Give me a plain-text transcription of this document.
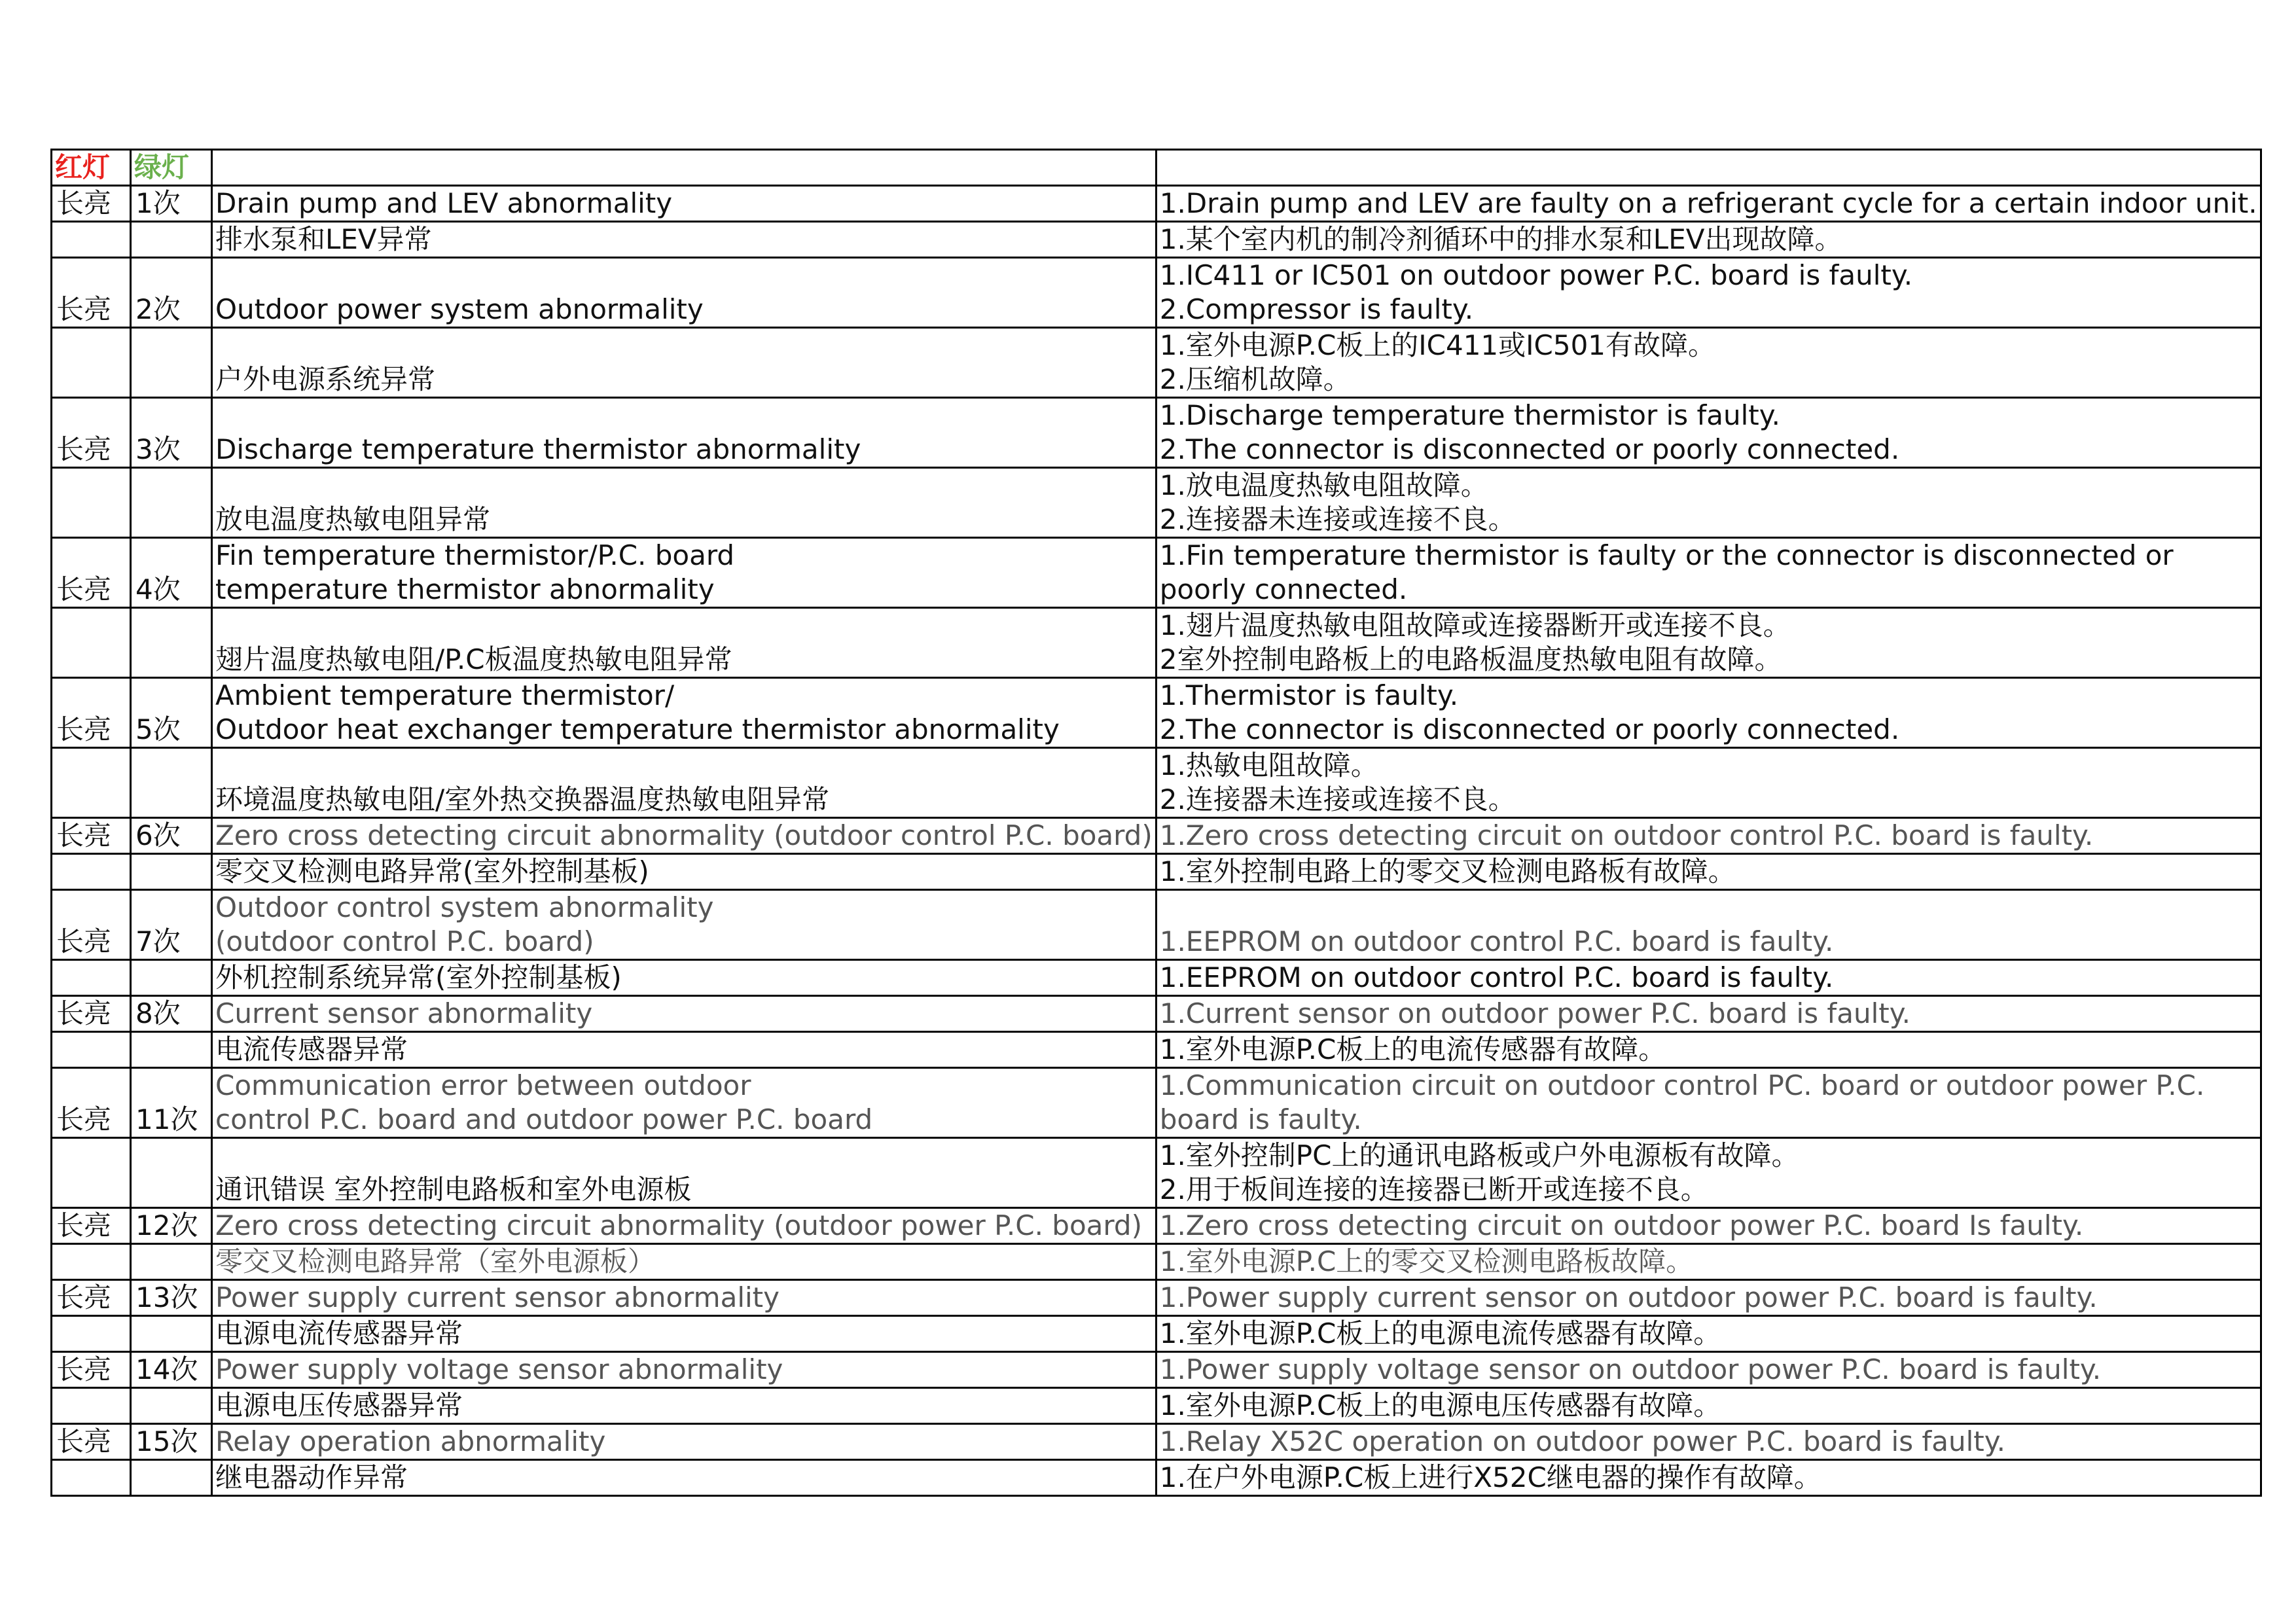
红灯	绿灯		
长亮	1次	Drain pump and LEV abnormality	1.Drain pump and LEV are faulty on a refrigerant cycle for a certain indoor unit.

		排水泵和LEV异常	1.某个室内机的制冷剂循环中的排水泵和LEV出现故障。

长亮	2次	Outdoor power system abnormality	1.IC411 or IC501 on outdoor power P.C. board is faulty.
2.Compressor is faulty.

		户外电源系统异常	1.室外电源P.C板上的IC411或IC501有故障。
2.压缩机故障。

长亮	3次	Discharge temperature thermistor abnormality	1.Discharge temperature thermistor is faulty.
2.The connector is disconnected or poorly connected.

		放电温度热敏电阻异常	1.放电温度热敏电阻故障。
2.连接器未连接或连接不良。

长亮	4次	Fin temperature thermistor/P.C. board
temperature thermistor abnormality	1.Fin temperature thermistor is faulty or the connector is disconnected or
poorly connected.

		翅片温度热敏电阻/P.C板温度热敏电阻异常	1.翅片温度热敏电阻故障或连接器断开或连接不良。
2室外控制电路板上的电路板温度热敏电阻有故障。

长亮	5次	Ambient temperature thermistor/
Outdoor heat exchanger temperature thermistor abnormality	1.Thermistor is faulty.
2.The connector is disconnected or poorly connected.

		环境温度热敏电阻/室外热交换器温度热敏电阻异常	1.热敏电阻故障。
2.连接器未连接或连接不良。

长亮	6次	Zero cross detecting circuit abnormality (outdoor control P.C. board)	1.Zero cross detecting circuit on outdoor control P.C. board is faulty.

		零交叉检测电路异常(室外控制基板)	1.室外控制电路上的零交叉检测电路板有故障。

长亮	7次	Outdoor control system abnormality
(outdoor control P.C. board)	1.EEPROM on outdoor control P.C. board is faulty.

		外机控制系统异常(室外控制基板)	1.EEPROM on outdoor control P.C. board is faulty.

长亮	8次	Current sensor abnormality	1.Current sensor on outdoor power P.C. board is faulty.

		电流传感器异常	1.室外电源P.C板上的电流传感器有故障。

长亮	11次	Communication error between outdoor
control P.C. board and outdoor power P.C. board	1.Communication circuit on outdoor control PC. board or outdoor power P.C.
board is faulty.

		通讯错误 室外控制电路板和室外电源板	1.室外控制PC上的通讯电路板或户外电源板有故障。
2.用于板间连接的连接器已断开或连接不良。

长亮	12次	Zero cross detecting circuit abnormality (outdoor power P.C. board)	1.Zero cross detecting circuit on outdoor power P.C. board Is faulty.

		零交叉检测电路异常（室外电源板）	1.室外电源P.C上的零交叉检测电路板故障。

长亮	13次	Power supply current sensor abnormality	1.Power supply current sensor on outdoor power P.C. board is faulty.

		电源电流传感器异常	1.室外电源P.C板上的电源电流传感器有故障。

长亮	14次	Power supply voltage sensor abnormality	1.Power supply voltage sensor on outdoor power P.C. board is faulty.

		电源电压传感器异常	1.室外电源P.C板上的电源电压传感器有故障。

长亮	15次	Relay operation abnormality	1.Relay X52C operation on outdoor power P.C. board is faulty.

		继电器动作异常	1.在户外电源P.C板上进行X52C继电器的操作有故障。
